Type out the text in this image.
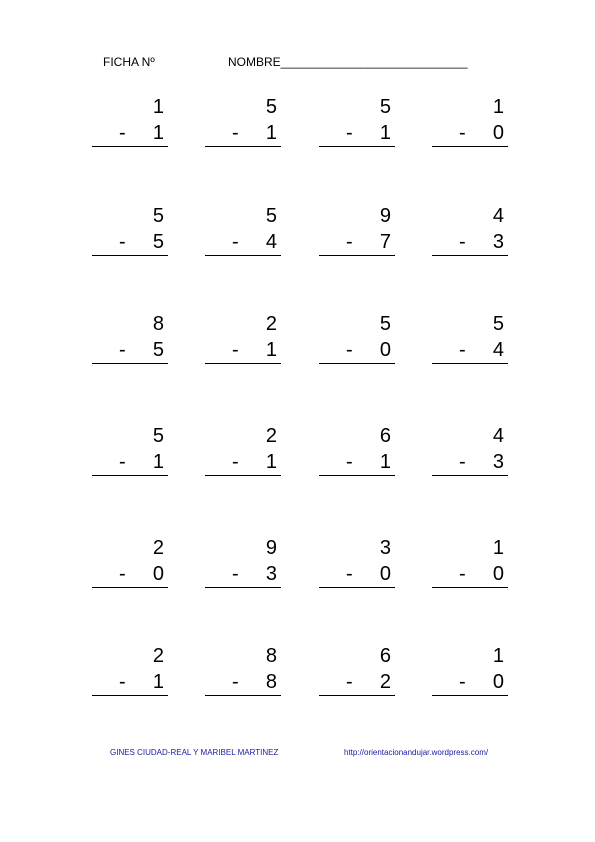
FICHA Nº	NOMBRE____________________________
1
- 1
5
- 1
5
- 1
1
- 0
5
- 5
5
- 4
9
- 7
4
- 3
8
- 5
2
- 1
5
- 0
5
- 4
5
- 1
2
- 1
6
- 1
4
- 3
2
- 0
9
- 3
3
- 0
1
- 0
2
- 1
8
- 8
6
- 2
1
- 0
GINES CIUDAD-REAL Y MARIBEL MARTINEZ	http://orientacionandujar.wordpress.com/
